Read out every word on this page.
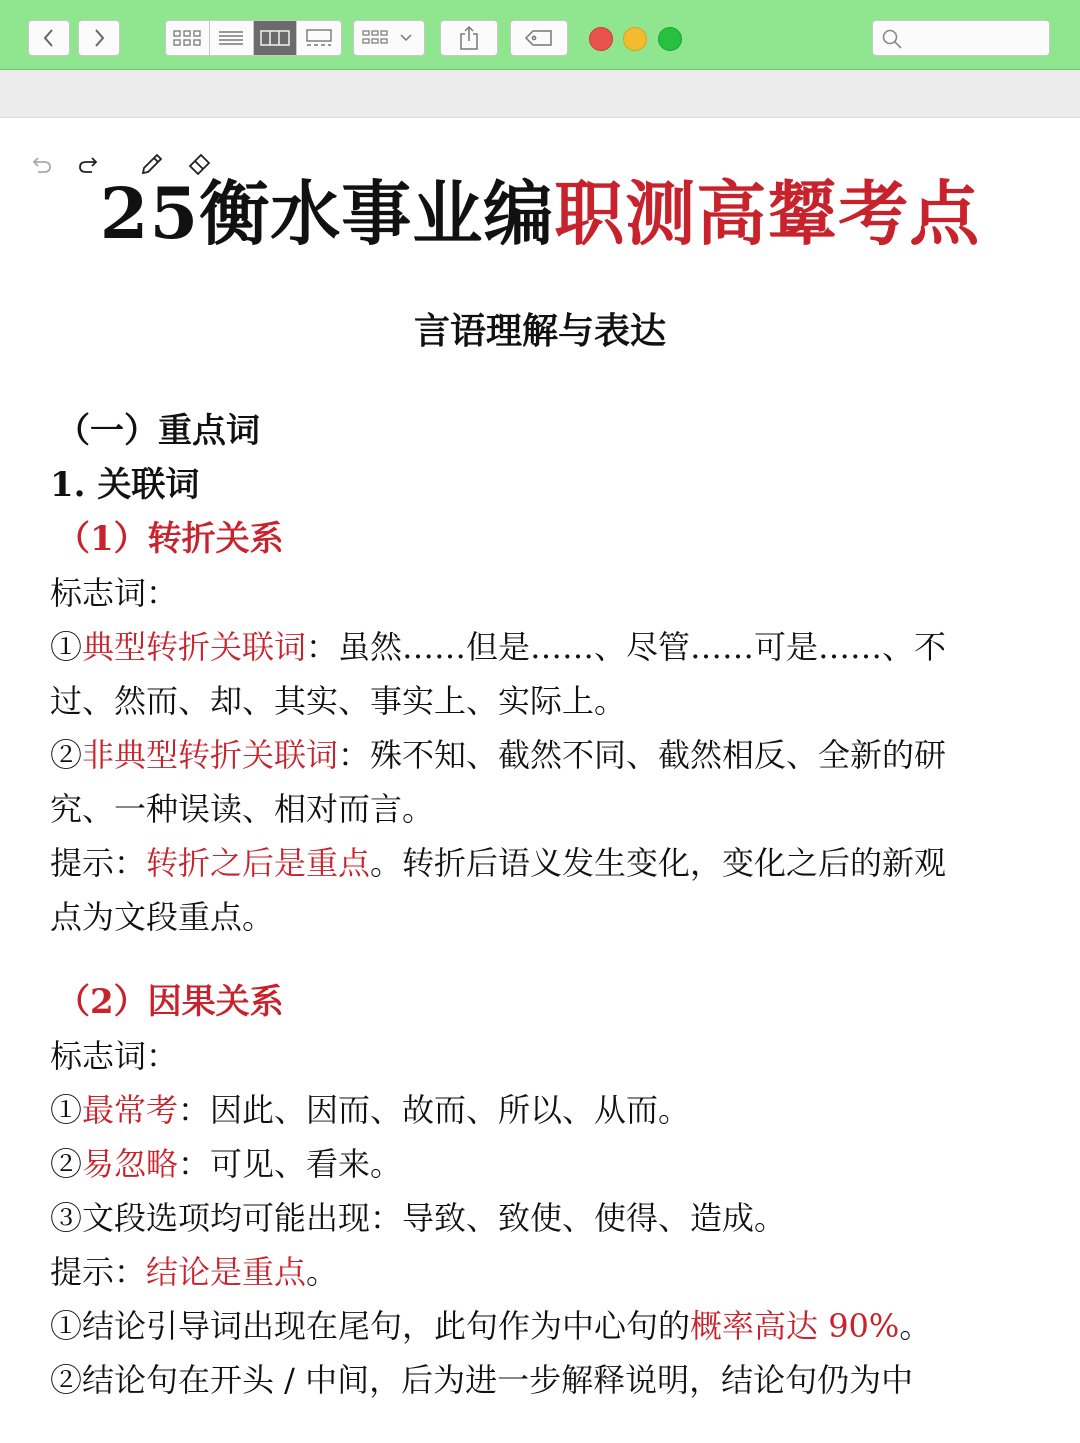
25衡水事业编职测高颦考点
言语理解与表达
（一）重点词
1. 关联词
（1）转折关系
标志词：
①典型转折关联词：虽然……但是……、尽管……可是……、不
过、然而、却、其实、事实上、实际上。
②非典型转折关联词：殊不知、截然不同、截然相反、全新的研
究、一种误读、相对而言。
提示：转折之后是重点。转折后语义发生变化，变化之后的新观
点为文段重点。
（2）因果关系
标志词：
①最常考：因此、因而、故而、所以、从而。
②易忽略：可见、看来。
③文段选项均可能出现：导致、致使、使得、造成。
提示：结论是重点。
①结论引导词出现在尾句，此句作为中心句的概率高达 90%。
②结论句在开头 / 中间，后为进一步解释说明，结论句仍为中
